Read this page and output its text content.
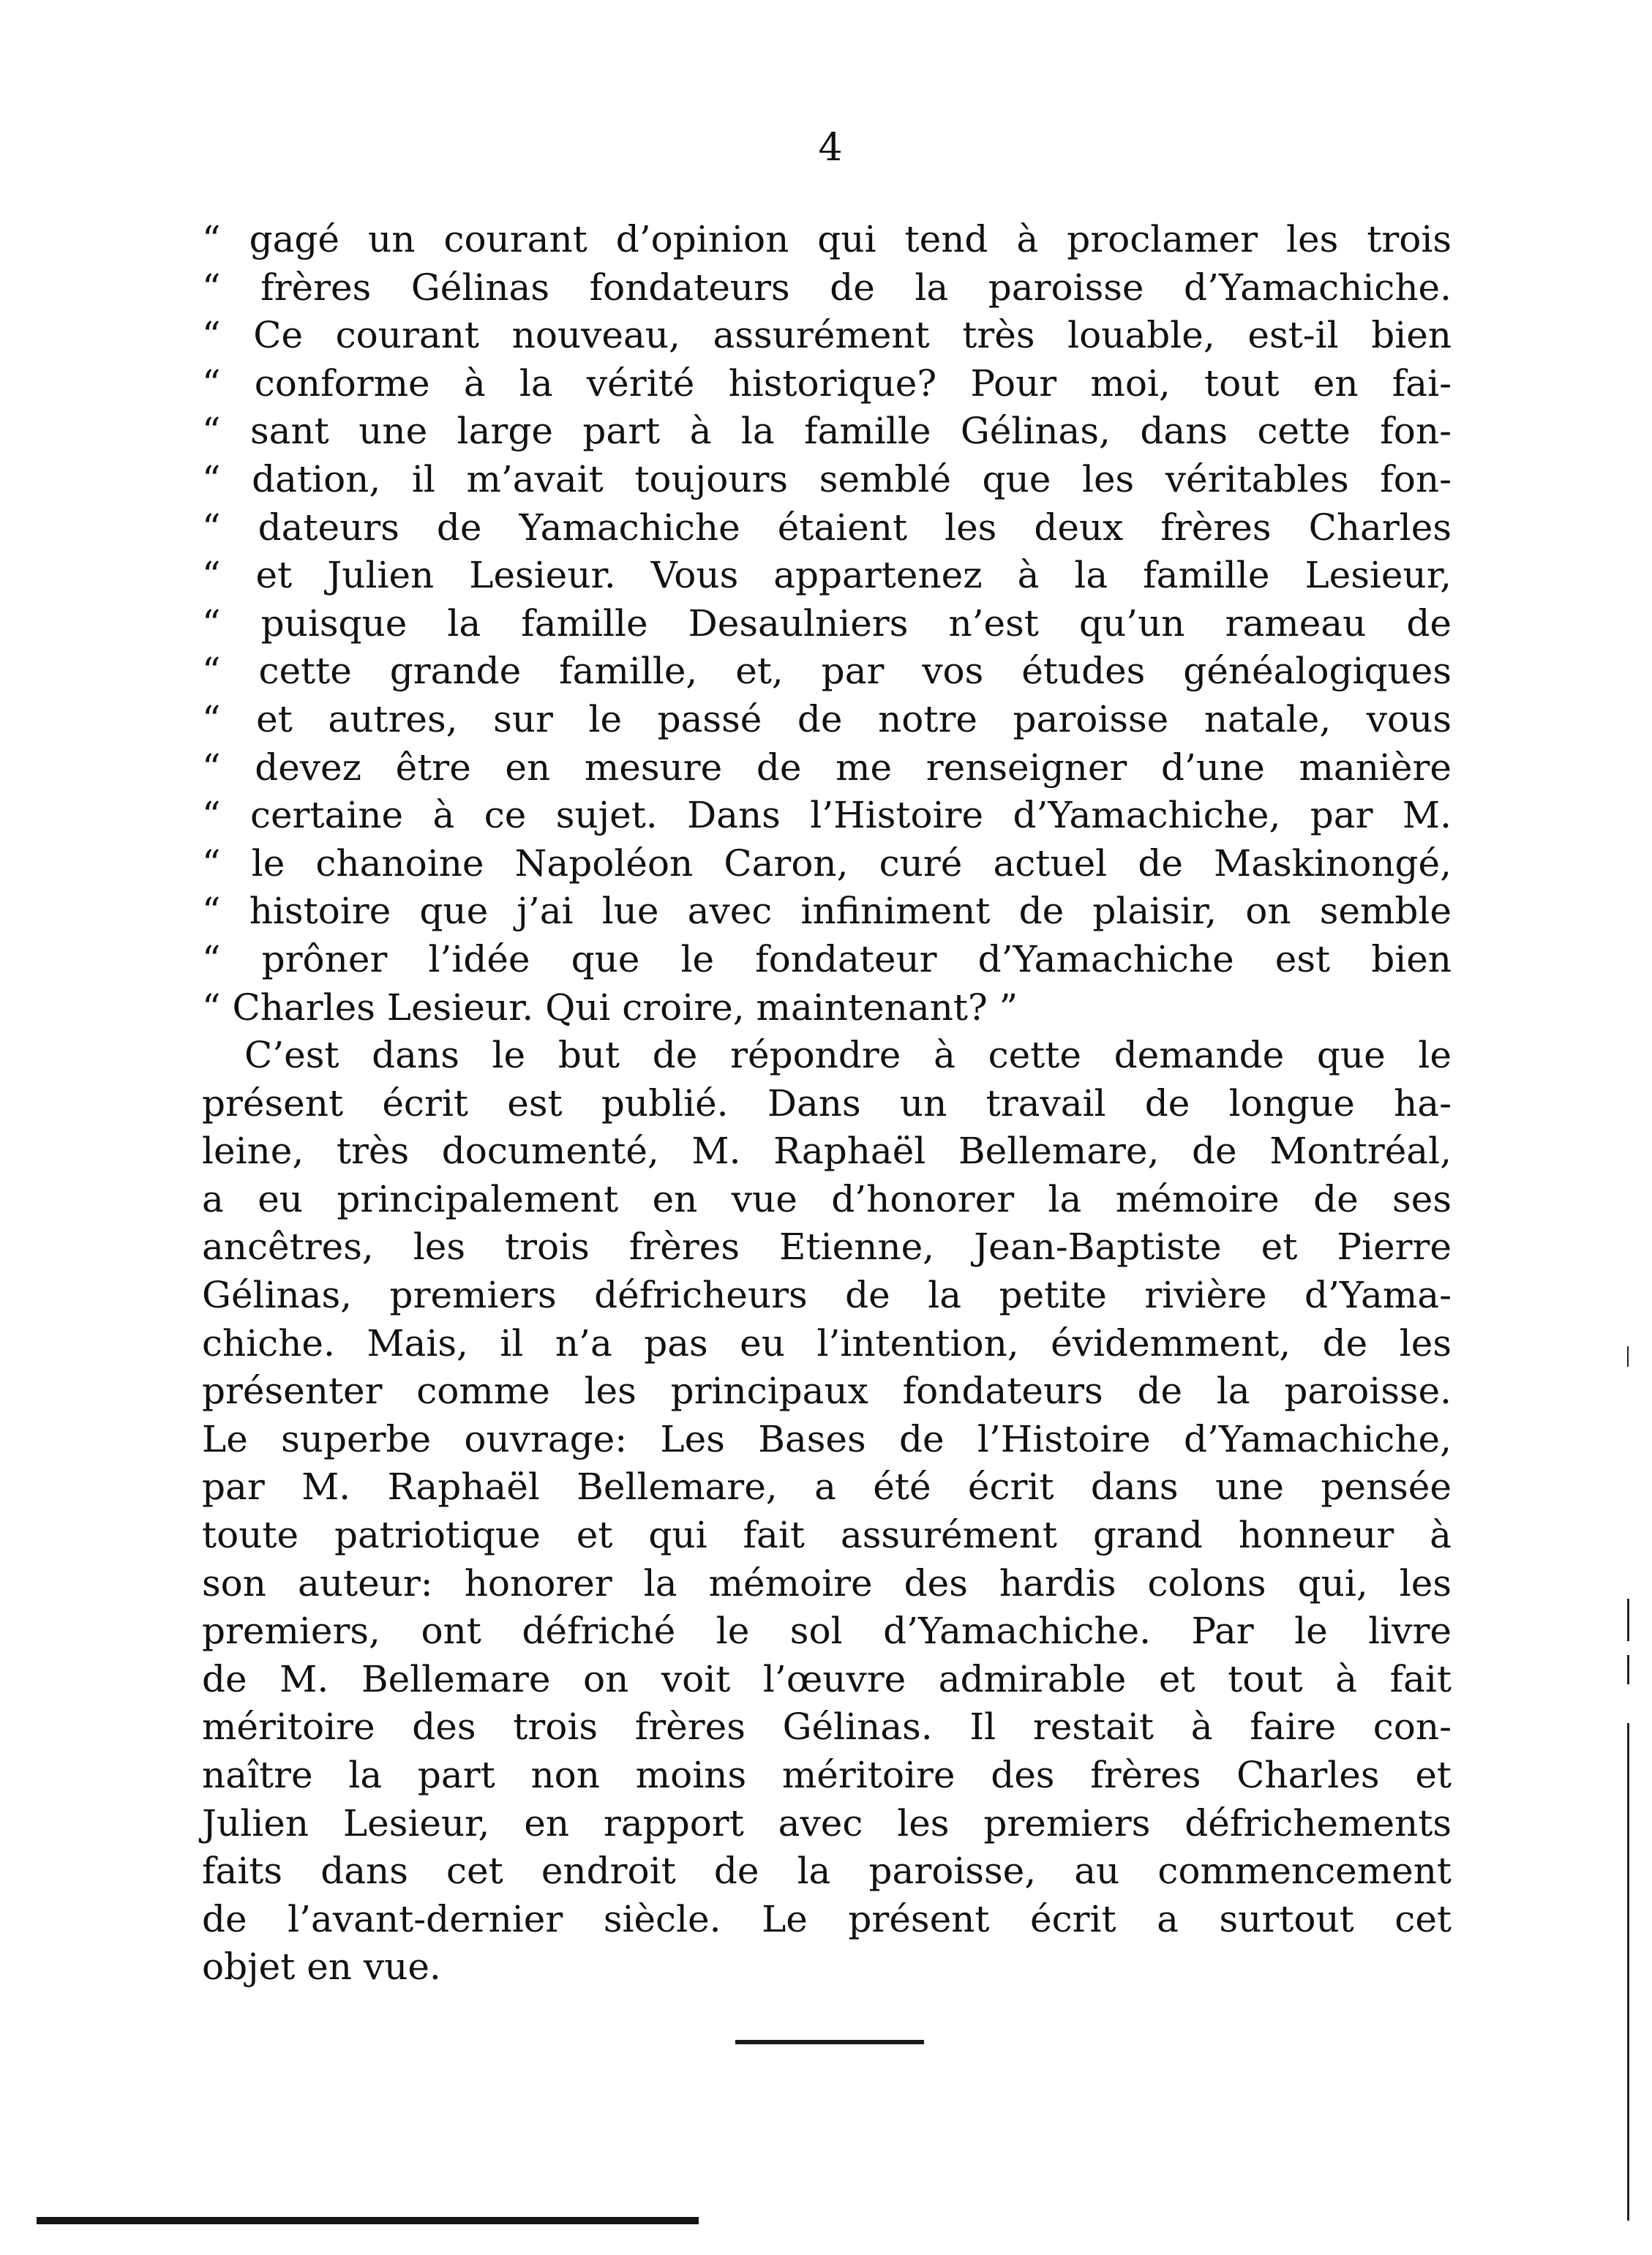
4
“ gagé un courant d’opinion qui tend à proclamer les trois
“ frères Gélinas fondateurs de la paroisse d’Yamachiche.
“ Ce courant nouveau, assurément très louable, est-il bien
“ conforme à la vérité historique? Pour moi, tout en fai-
“ sant une large part à la famille Gélinas, dans cette fon-
“ dation, il m’avait toujours semblé que les véritables fon-
“ dateurs de Yamachiche étaient les deux frères Charles
“ et Julien Lesieur. Vous appartenez à la famille Lesieur,
“ puisque la famille Desaulniers n’est qu’un rameau de
“ cette grande famille, et, par vos études généalogiques
“ et autres, sur le passé de notre paroisse natale, vous
“ devez être en mesure de me renseigner d’une manière
“ certaine à ce sujet. Dans l’Histoire d’Yamachiche, par M.
“ le chanoine Napoléon Caron, curé actuel de Maskinongé,
“ histoire que j’ai lue avec infiniment de plaisir, on semble
“ prôner l’idée que le fondateur d’Yamachiche est bien
“ Charles Lesieur. Qui croire, maintenant? ”
C’est dans le but de répondre à cette demande que le
présent écrit est publié. Dans un travail de longue ha-
leine, très documenté, M. Raphaël Bellemare, de Montréal,
a eu principalement en vue d’honorer la mémoire de ses
ancêtres, les trois frères Etienne, Jean-Baptiste et Pierre
Gélinas, premiers défricheurs de la petite rivière d’Yama-
chiche. Mais, il n’a pas eu l’intention, évidemment, de les
présenter comme les principaux fondateurs de la paroisse.
Le superbe ouvrage: Les Bases de l’Histoire d’Yamachiche,
par M. Raphaël Bellemare, a été écrit dans une pensée
toute patriotique et qui fait assurément grand honneur à
son auteur: honorer la mémoire des hardis colons qui, les
premiers, ont défriché le sol d’Yamachiche. Par le livre
de M. Bellemare on voit l’œuvre admirable et tout à fait
méritoire des trois frères Gélinas. Il restait à faire con-
naître la part non moins méritoire des frères Charles et
Julien Lesieur, en rapport avec les premiers défrichements
faits dans cet endroit de la paroisse, au commencement
de l’avant-dernier siècle. Le présent écrit a surtout cet
objet en vue.
